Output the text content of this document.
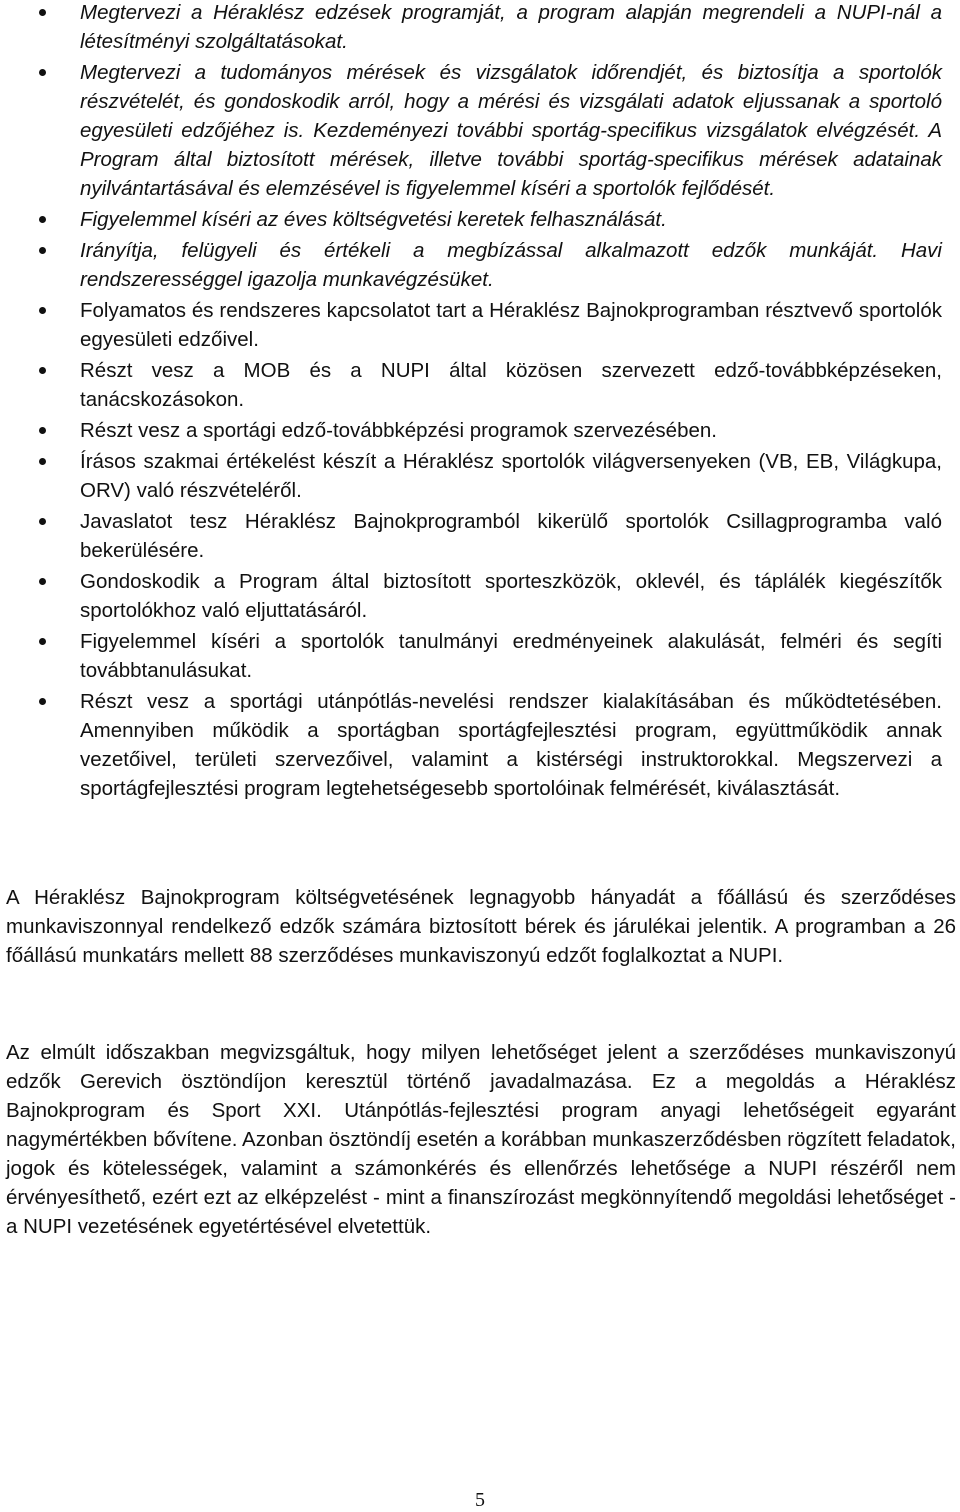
Megtervezi a Héraklész edzések programját, a program alapján megrendeli a NUPI-nál a létesítményi szolgáltatásokat.
Megtervezi a tudományos mérések és vizsgálatok időrendjét, és biztosítja a sportolók részvételét, és gondoskodik arról, hogy a mérési és vizsgálati adatok eljussanak a sportoló egyesületi edzőjéhez is. Kezdeményezi további sportág-specifikus vizsgálatok elvégzését. A Program által biztosított mérések, illetve további sportág-specifikus mérések adatainak nyilvántartásával és elemzésével is figyelemmel kíséri a sportolók fejlődését.
Figyelemmel kíséri az éves költségvetési keretek felhasználását.
Irányítja, felügyeli és értékeli a megbízással alkalmazott edzők munkáját. Havi rendszerességgel igazolja munkavégzésüket.
Folyamatos és rendszeres kapcsolatot tart a Héraklész Bajnokprogramban résztvevő sportolók egyesületi edzőivel.
Részt vesz a MOB és a NUPI által közösen szervezett edző-továbbképzéseken, tanácskozásokon.
Részt vesz a sportági edző-továbbképzési programok szervezésében.
Írásos szakmai értékelést készít a Héraklész sportolók világversenyeken (VB, EB, Világkupa, ORV) való részvételéről.
Javaslatot tesz Héraklész Bajnokprogramból kikerülő sportolók Csillagprogramba való bekerülésére.
Gondoskodik a Program által biztosított sporteszközök, oklevél, és táplálék kiegészítők sportolókhoz való eljuttatásáról.
Figyelemmel kíséri a sportolók tanulmányi eredményeinek alakulását, felméri és segíti továbbtanulásukat.
Részt vesz a sportági utánpótlás-nevelési rendszer kialakításában és működtetésében. Amennyiben működik a sportágban sportágfejlesztési program, együttműködik annak vezetőivel, területi szervezőivel, valamint a kistérségi instruktorokkal. Megszervezi a sportágfejlesztési program legtehetségesebb sportolóinak felmérését, kiválasztását.

A Héraklész Bajnokprogram költségvetésének legnagyobb hányadát a főállású és szerződéses munkaviszonnyal rendelkező edzők számára biztosított bérek és járulékai jelentik. A programban a 26 főállású munkatárs mellett 88 szerződéses munkaviszonyú edzőt foglalkoztat a NUPI.

Az elmúlt időszakban megvizsgáltuk, hogy milyen lehetőséget jelent a szerződéses munkaviszonyú edzők Gerevich ösztöndíjon keresztül történő javadalmazása. Ez a megoldás a Héraklész Bajnokprogram és Sport XXI. Utánpótlás-fejlesztési program anyagi lehetőségeit egyaránt nagymértékben bővítene. Azonban ösztöndíj esetén a korábban munkaszerződésben rögzített feladatok, jogok és kötelességek, valamint a számonkérés és ellenőrzés lehetősége a NUPI részéről nem érvényesíthető, ezért ezt az elképzelést - mint a finanszírozást megkönnyítendő megoldási lehetőséget - a NUPI vezetésének egyetértésével elvetettük.

5
